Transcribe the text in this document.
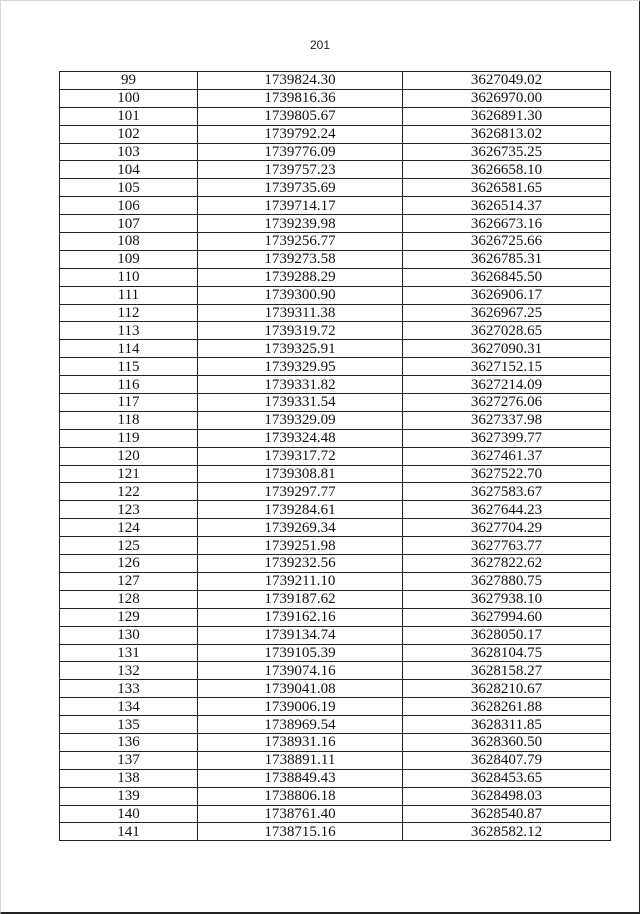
201
99	1739824.30	3627049.02
100	1739816.36	3626970.00
101	1739805.67	3626891.30
102	1739792.24	3626813.02
103	1739776.09	3626735.25
104	1739757.23	3626658.10
105	1739735.69	3626581.65
106	1739714.17	3626514.37
107	1739239.98	3626673.16
108	1739256.77	3626725.66
109	1739273.58	3626785.31
110	1739288.29	3626845.50
111	1739300.90	3626906.17
112	1739311.38	3626967.25
113	1739319.72	3627028.65
114	1739325.91	3627090.31
115	1739329.95	3627152.15
116	1739331.82	3627214.09
117	1739331.54	3627276.06
118	1739329.09	3627337.98
119	1739324.48	3627399.77
120	1739317.72	3627461.37
121	1739308.81	3627522.70
122	1739297.77	3627583.67
123	1739284.61	3627644.23
124	1739269.34	3627704.29
125	1739251.98	3627763.77
126	1739232.56	3627822.62
127	1739211.10	3627880.75
128	1739187.62	3627938.10
129	1739162.16	3627994.60
130	1739134.74	3628050.17
131	1739105.39	3628104.75
132	1739074.16	3628158.27
133	1739041.08	3628210.67
134	1739006.19	3628261.88
135	1738969.54	3628311.85
136	1738931.16	3628360.50
137	1738891.11	3628407.79
138	1738849.43	3628453.65
139	1738806.18	3628498.03
140	1738761.40	3628540.87
141	1738715.16	3628582.12
